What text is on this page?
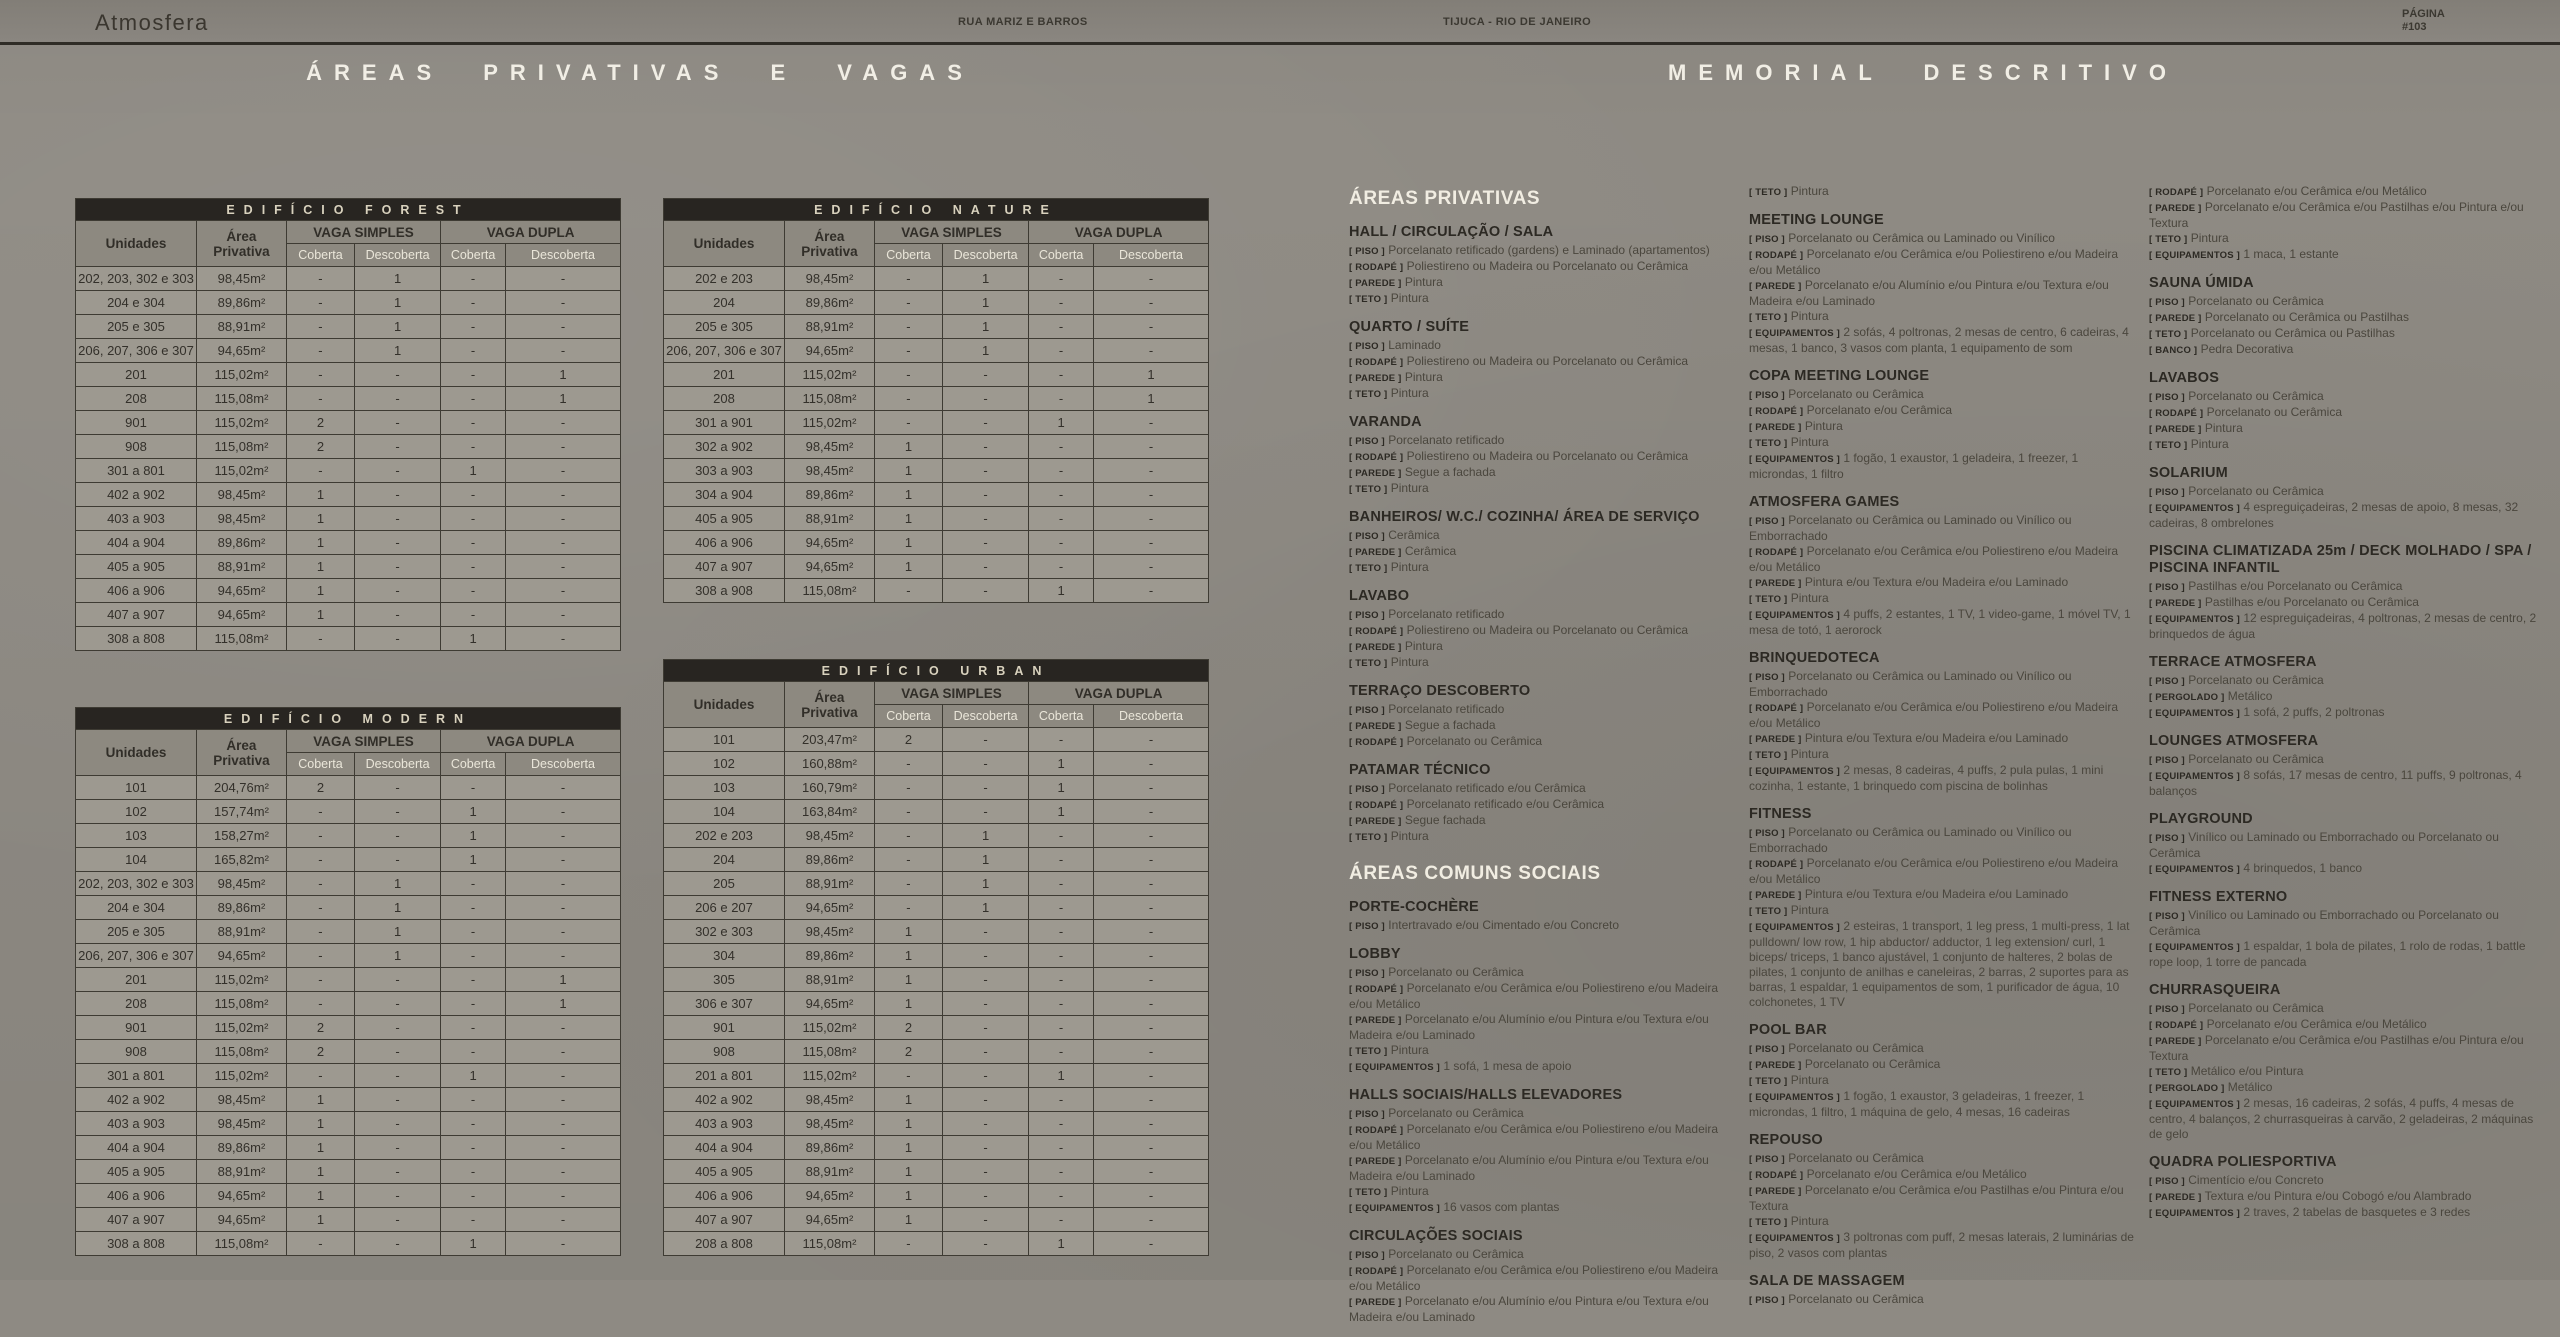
Atmosfera	RUA MARIZ E BARROS	TIJUCA - RIO DE JANEIRO
PÁGINA
#103
ÁREAS PRIVATIVAS E VAGAS	MEMORIAL DESCRITIVO
EDIFÍCIO FOREST					
Unidades	Área Privativa	VAGA SIMPLES		VAGA DUPLA	
		Coberta	Descoberta	Coberta	Descoberta
202, 203, 302 e 303	98,45m²	-	1	-	-
204 e 304	89,86m²	-	1	-	-
205 e 305	88,91m²	-	1	-	-
206, 207, 306 e 307	94,65m²	-	1	-	-
201	115,02m²	-	-	-	1
208	115,08m²	-	-	-	1
901	115,02m²	2	-	-	-
908	115,08m²	2	-	-	-
301 a 801	115,02m²	-	-	1	-
402 a 902	98,45m²	1	-	-	-
403 a 903	98,45m²	1	-	-	-
404 a 904	89,86m²	1	-	-	-
405 a 905	88,91m²	1	-	-	-
406 a 906	94,65m²	1	-	-	-
407 a 907	94,65m²	1	-	-	-
308 a 808	115,08m²	-	-	1	-
EDIFÍCIO MODERN					
Unidades	Área Privativa	VAGA SIMPLES		VAGA DUPLA	
		Coberta	Descoberta	Coberta	Descoberta
101	204,76m²	2	-	-	-
102	157,74m²	-	-	1	-
103	158,27m²	-	-	1	-
104	165,82m²	-	-	1	-
202, 203, 302 e 303	98,45m²	-	1	-	-
204 e 304	89,86m²	-	1	-	-
205 e 305	88,91m²	-	1	-	-
206, 207, 306 e 307	94,65m²	-	1	-	-
201	115,02m²	-	-	-	1
208	115,08m²	-	-	-	1
901	115,02m²	2	-	-	-
908	115,08m²	2	-	-	-
301 a 801	115,02m²	-	-	1	-
402 a 902	98,45m²	1	-	-	-
403 a 903	98,45m²	1	-	-	-
404 a 904	89,86m²	1	-	-	-
405 a 905	88,91m²	1	-	-	-
406 a 906	94,65m²	1	-	-	-
407 a 907	94,65m²	1	-	-	-
308 a 808	115,08m²	-	-	1	-
EDIFÍCIO NATURE					
Unidades	Área Privativa	VAGA SIMPLES		VAGA DUPLA	
		Coberta	Descoberta	Coberta	Descoberta
202 e 203	98,45m²	-	1	-	-
204	89,86m²	-	1	-	-
205 e 305	88,91m²	-	1	-	-
206, 207, 306 e 307	94,65m²	-	1	-	-
201	115,02m²	-	-	-	1
208	115,08m²	-	-	-	1
301 a 901	115,02m²	-	-	1	-
302 a 902	98,45m²	1	-	-	-
303 a 903	98,45m²	1	-	-	-
304 a 904	89,86m²	1	-	-	-
405 a 905	88,91m²	1	-	-	-
406 a 906	94,65m²	1	-	-	-
407 a 907	94,65m²	1	-	-	-
308 a 908	115,08m²	-	-	1	-
EDIFÍCIO URBAN					
Unidades	Área Privativa	VAGA SIMPLES		VAGA DUPLA	
		Coberta	Descoberta	Coberta	Descoberta
101	203,47m²	2	-	-	-
102	160,88m²	-	-	1	-
103	160,79m²	-	-	1	-
104	163,84m²	-	-	1	-
202 e 203	98,45m²	-	1	-	-
204	89,86m²	-	1	-	-
205	88,91m²	-	1	-	-
206 e 207	94,65m²	-	1	-	-
302 e 303	98,45m²	1	-	-	-
304	89,86m²	1	-	-	-
305	88,91m²	1	-	-	-
306 e 307	94,65m²	1	-	-	-
901	115,02m²	2	-	-	-
908	115,08m²	2	-	-	-
201 a 801	115,02m²	-	-	1	-
402 a 902	98,45m²	1	-	-	-
403 a 903	98,45m²	1	-	-	-
404 a 904	89,86m²	1	-	-	-
405 a 905	88,91m²	1	-	-	-
406 a 906	94,65m²	1	-	-	-
407 a 907	94,65m²	1	-	-	-
208 a 808	115,08m²	-	-	1	-
ÁREAS PRIVATIVAS
HALL / CIRCULAÇÃO / SALA
[ PISO ] Porcelanato retificado (gardens) e Laminado (apartamentos)
[ RODAPÉ ] Poliestireno ou Madeira ou Porcelanato ou Cerâmica
[ PAREDE ] Pintura
[ TETO ] Pintura
QUARTO / SUÍTE
[ PISO ] Laminado
[ RODAPÉ ] Poliestireno ou Madeira ou Porcelanato ou Cerâmica
[ PAREDE ] Pintura
[ TETO ] Pintura
VARANDA
[ PISO ] Porcelanato retificado
[ RODAPÉ ] Poliestireno ou Madeira ou Porcelanato ou Cerâmica
[ PAREDE ] Segue a fachada
[ TETO ] Pintura
BANHEIROS/ W.C./ COZINHA/ ÁREA DE SERVIÇO
[ PISO ] Cerâmica
[ PAREDE ] Cerâmica
[ TETO ] Pintura
LAVABO
[ PISO ] Porcelanato retificado
[ RODAPÉ ] Poliestireno ou Madeira ou Porcelanato ou Cerâmica
[ PAREDE ] Pintura
[ TETO ] Pintura
TERRAÇO DESCOBERTO
[ PISO ] Porcelanato retificado
[ PAREDE ] Segue a fachada
[ RODAPÉ ] Porcelanato ou Cerâmica
PATAMAR TÉCNICO
[ PISO ] Porcelanato retificado e/ou Cerâmica
[ RODAPÉ ] Porcelanato retificado e/ou Cerâmica
[ PAREDE ] Segue fachada
[ TETO ] Pintura
ÁREAS COMUNS SOCIAIS
PORTE-COCHÈRE
[ PISO ] Intertravado e/ou Cimentado e/ou Concreto
LOBBY
[ PISO ] Porcelanato ou Cerâmica
[ RODAPÉ ] Porcelanato e/ou Cerâmica e/ou Poliestireno e/ou Madeira e/ou Metálico
[ PAREDE ] Porcelanato e/ou Alumínio e/ou Pintura e/ou Textura e/ou Madeira e/ou Laminado
[ TETO ] Pintura
[ EQUIPAMENTOS ] 1 sofá, 1 mesa de apoio
HALLS SOCIAIS/HALLS ELEVADORES
[ PISO ] Porcelanato ou Cerâmica
[ RODAPÉ ] Porcelanato e/ou Cerâmica e/ou Poliestireno e/ou Madeira e/ou Metálico
[ PAREDE ] Porcelanato e/ou Alumínio e/ou Pintura e/ou Textura e/ou Madeira e/ou Laminado
[ TETO ] Pintura
[ EQUIPAMENTOS ] 16 vasos com plantas
CIRCULAÇÕES SOCIAIS
[ PISO ] Porcelanato ou Cerâmica
[ RODAPÉ ] Porcelanato e/ou Cerâmica e/ou Poliestireno e/ou Madeira e/ou Metálico
[ PAREDE ] Porcelanato e/ou Alumínio e/ou Pintura e/ou Textura e/ou Madeira e/ou Laminado
[ TETO ] Pintura
MEETING LOUNGE
[ PISO ] Porcelanato ou Cerâmica ou Laminado ou Vinílico
[ RODAPÉ ] Porcelanato e/ou Cerâmica e/ou Poliestireno e/ou Madeira e/ou Metálico
[ PAREDE ] Porcelanato e/ou Alumínio e/ou Pintura e/ou Textura e/ou Madeira e/ou Laminado
[ TETO ] Pintura
[ EQUIPAMENTOS ] 2 sofás, 4 poltronas, 2 mesas de centro, 6 cadeiras, 4 mesas, 1 banco, 3 vasos com planta, 1 equipamento de som
COPA MEETING LOUNGE
[ PISO ] Porcelanato ou Cerâmica
[ RODAPÉ ] Porcelanato e/ou Cerâmica
[ PAREDE ] Pintura
[ TETO ] Pintura
[ EQUIPAMENTOS ] 1 fogão, 1 exaustor, 1 geladeira, 1 freezer, 1 microndas, 1 filtro
ATMOSFERA GAMES
[ PISO ] Porcelanato ou Cerâmica ou Laminado ou Vinílico ou Emborrachado
[ RODAPÉ ] Porcelanato e/ou Cerâmica e/ou Poliestireno e/ou Madeira e/ou Metálico
[ PAREDE ] Pintura e/ou Textura e/ou Madeira e/ou Laminado
[ TETO ] Pintura
[ EQUIPAMENTOS ] 4 puffs, 2 estantes, 1 TV, 1 video-game, 1 móvel TV, 1 mesa de totó, 1 aerorock
BRINQUEDOTECA
[ PISO ] Porcelanato ou Cerâmica ou Laminado ou Vinílico ou Emborrachado
[ RODAPÉ ] Porcelanato e/ou Cerâmica e/ou Poliestireno e/ou Madeira e/ou Metálico
[ PAREDE ] Pintura e/ou Textura e/ou Madeira e/ou Laminado
[ TETO ] Pintura
[ EQUIPAMENTOS ] 2 mesas, 8 cadeiras, 4 puffs, 2 pula pulas, 1 mini cozinha, 1 estante, 1 brinquedo com piscina de bolinhas
FITNESS
[ PISO ] Porcelanato ou Cerâmica ou Laminado ou Vinílico ou Emborrachado
[ RODAPÉ ] Porcelanato e/ou Cerâmica e/ou Poliestireno e/ou Madeira e/ou Metálico
[ PAREDE ] Pintura e/ou Textura e/ou Madeira e/ou Laminado
[ TETO ] Pintura
[ EQUIPAMENTOS ] 2 esteiras, 1 transport, 1 leg press, 1 multi-press, 1 lat pulldown/ low row, 1 hip abductor/ adductor, 1 leg extension/ curl, 1 biceps/ triceps, 1 banco ajustável, 1 conjunto de halteres, 2 bolas de pilates, 1 conjunto de anilhas e caneleiras, 2 barras, 2 suportes para as barras, 1 espaldar, 1 equipamentos de som, 1 purificador de água, 10 colchonetes, 1 TV
POOL BAR
[ PISO ] Porcelanato ou Cerâmica
[ PAREDE ] Porcelanato ou Cerâmica
[ TETO ] Pintura
[ EQUIPAMENTOS ] 1 fogão, 1 exaustor, 3 geladeiras, 1 freezer, 1 microndas, 1 filtro, 1 máquina de gelo, 4 mesas, 16 cadeiras
REPOUSO
[ PISO ] Porcelanato ou Cerâmica
[ RODAPÉ ] Porcelanato e/ou Cerâmica e/ou Metálico
[ PAREDE ] Porcelanato e/ou Cerâmica e/ou Pastilhas e/ou Pintura e/ou Textura
[ TETO ] Pintura
[ EQUIPAMENTOS ] 3 poltronas com puff, 2 mesas laterais, 2 luminárias de piso, 2 vasos com plantas
SALA DE MASSAGEM
[ PISO ] Porcelanato ou Cerâmica
[ RODAPÉ ] Porcelanato e/ou Cerâmica e/ou Metálico
[ PAREDE ] Porcelanato e/ou Cerâmica e/ou Pastilhas e/ou Pintura e/ou Textura
[ TETO ] Pintura
[ EQUIPAMENTOS ] 1 maca, 1 estante
SAUNA ÚMIDA
[ PISO ] Porcelanato ou Cerâmica
[ PAREDE ] Porcelanato ou Cerâmica ou Pastilhas
[ TETO ] Porcelanato ou Cerâmica ou Pastilhas
[ BANCO ] Pedra Decorativa
LAVABOS
[ PISO ] Porcelanato ou Cerâmica
[ RODAPÉ ] Porcelanato ou Cerâmica
[ PAREDE ] Pintura
[ TETO ] Pintura
SOLARIUM
[ PISO ] Porcelanato ou Cerâmica
[ EQUIPAMENTOS ] 4 espreguiçadeiras, 2 mesas de apoio, 8 mesas, 32 cadeiras, 8 ombrelones
PISCINA CLIMATIZADA 25m / DECK MOLHADO / SPA / PISCINA INFANTIL
[ PISO ] Pastilhas e/ou Porcelanato ou Cerâmica
[ PAREDE ] Pastilhas e/ou Porcelanato ou Cerâmica
[ EQUIPAMENTOS ] 12 espreguiçadeiras, 4 poltronas, 2 mesas de centro, 2 brinquedos de água
TERRACE ATMOSFERA
[ PISO ] Porcelanato ou Cerâmica
[ PERGOLADO ] Metálico
[ EQUIPAMENTOS ] 1 sofá, 2 puffs, 2 poltronas
LOUNGES ATMOSFERA
[ PISO ] Porcelanato ou Cerâmica
[ EQUIPAMENTOS ] 8 sofás, 17 mesas de centro, 11 puffs, 9 poltronas, 4 balanços
PLAYGROUND
[ PISO ] Vinílico ou Laminado ou Emborrachado ou Porcelanato ou Cerâmica
[ EQUIPAMENTOS ] 4 brinquedos, 1 banco
FITNESS EXTERNO
[ PISO ] Vinílico ou Laminado ou Emborrachado ou Porcelanato ou Cerâmica
[ EQUIPAMENTOS ] 1 espaldar, 1 bola de pilates, 1 rolo de rodas, 1 battle rope loop, 1 torre de pancada
CHURRASQUEIRA
[ PISO ] Porcelanato ou Cerâmica
[ RODAPÉ ] Porcelanato e/ou Cerâmica e/ou Metálico
[ PAREDE ] Porcelanato e/ou Cerâmica e/ou Pastilhas e/ou Pintura e/ou Textura
[ TETO ] Metálico e/ou Pintura
[ PERGOLADO ] Metálico
[ EQUIPAMENTOS ] 2 mesas, 16 cadeiras, 2 sofás, 4 puffs, 4 mesas de centro, 4 balanços, 2 churrasqueiras à carvão, 2 geladeiras, 2 máquinas de gelo
QUADRA POLIESPORTIVA
[ PISO ] Cimentício e/ou Concreto
[ PAREDE ] Textura e/ou Pintura e/ou Cobogó e/ou Alambrado
[ EQUIPAMENTOS ] 2 traves, 2 tabelas de basquetes e 3 redes
